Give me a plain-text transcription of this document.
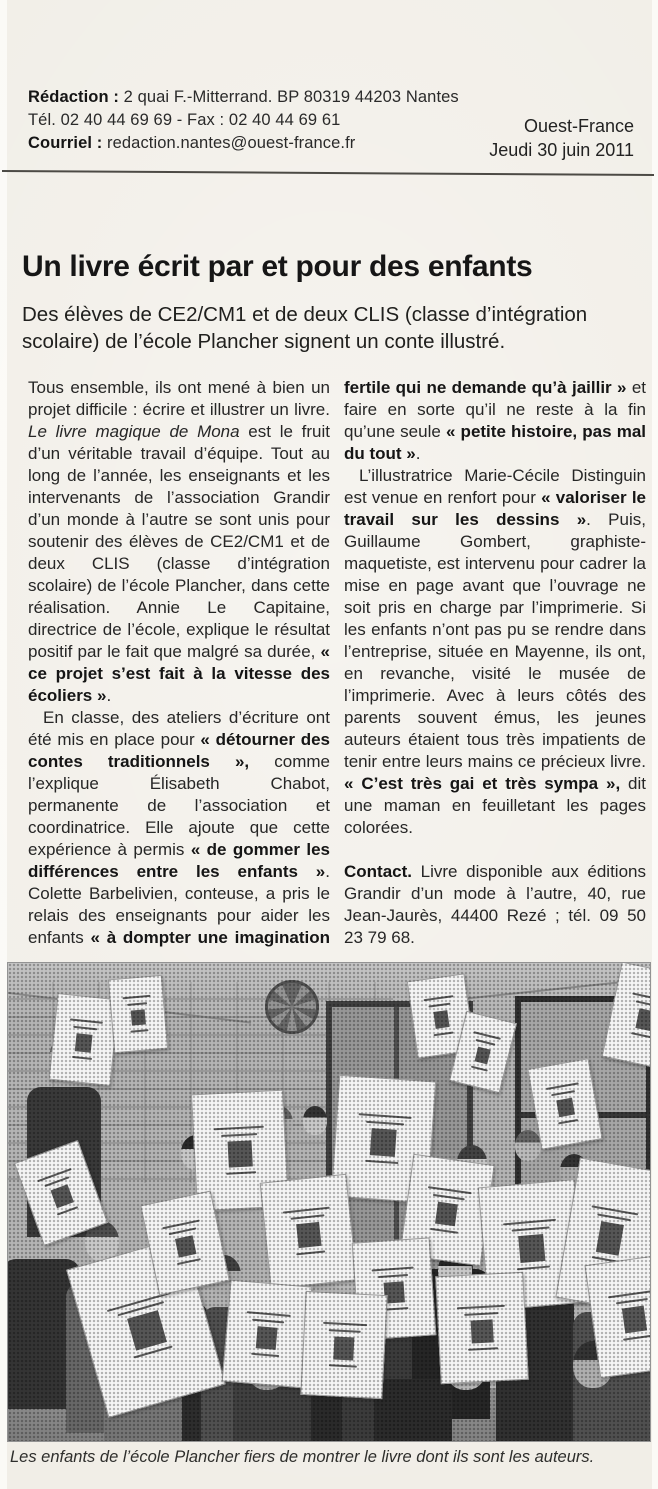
Rédaction : 2 quai F.-Mitterrand. BP 80319 44203 Nantes
Tél. 02 40 44 69 69 - Fax : 02 40 44 69 61
Courriel : redaction.nantes@ouest-france.fr
Ouest-France
Jeudi 30 juin 2011
Un livre écrit par et pour des enfants

Des élèves de CE2/CM1 et de deux CLIS (classe d’intégration scolaire) de l’école Plancher signent un conte illustré.

Tous ensemble, ils ont mené à bien un projet difficile : écrire et illustrer un livre. Le livre magique de Mona est le fruit d’un véritable travail d’équipe. Tout au long de l’année, les enseignants et les intervenants de l’association Grandir d’un monde à l’autre se sont unis pour soutenir des élèves de CE2/CM1 et de deux CLIS (classe d’intégration scolaire) de l’école Plancher, dans cette réalisation. Annie Le Capitaine, directrice de l’école, explique le résultat positif par le fait que malgré sa durée, « ce projet s’est fait à la vitesse des écoliers ».

En classe, des ateliers d’écriture ont été mis en place pour « détourner des contes traditionnels », comme l’explique Élisabeth Chabot, permanente de l’association et coordinatrice. Elle ajoute que cette expérience à permis « de gommer les différences entre les enfants ». Colette Barbelivien, conteuse, a pris le relais des enseignants pour aider les enfants « à dompter une imagination fertile qui ne demande qu’à jaillir » et faire en sorte qu’il ne reste à la fin qu’une seule « petite histoire, pas mal du tout ».

L’illustratrice Marie-Cécile Distinguin est venue en renfort pour « valoriser le travail sur les dessins ». Puis, Guillaume Gombert, graphiste-maquetiste, est intervenu pour cadrer la mise en page avant que l’ouvrage ne soit pris en charge par l’imprimerie. Si les enfants n’ont pas pu se rendre dans l’entreprise, située en Mayenne, ils ont, en revanche, visité le musée de l’imprimerie. Avec à leurs côtés des parents souvent émus, les jeunes auteurs étaient tous très impatients de tenir entre leurs mains ce précieux livre. « C’est très gai et très sympa », dit une maman en feuilletant les pages colorées.

Contact. Livre disponible aux éditions Grandir d’un mode à l’autre, 40, rue Jean-Jaurès, 44400 Rezé ; tél. 09 50 23 79 68.

Les enfants de l’école Plancher fiers de montrer le livre dont ils sont les auteurs.
